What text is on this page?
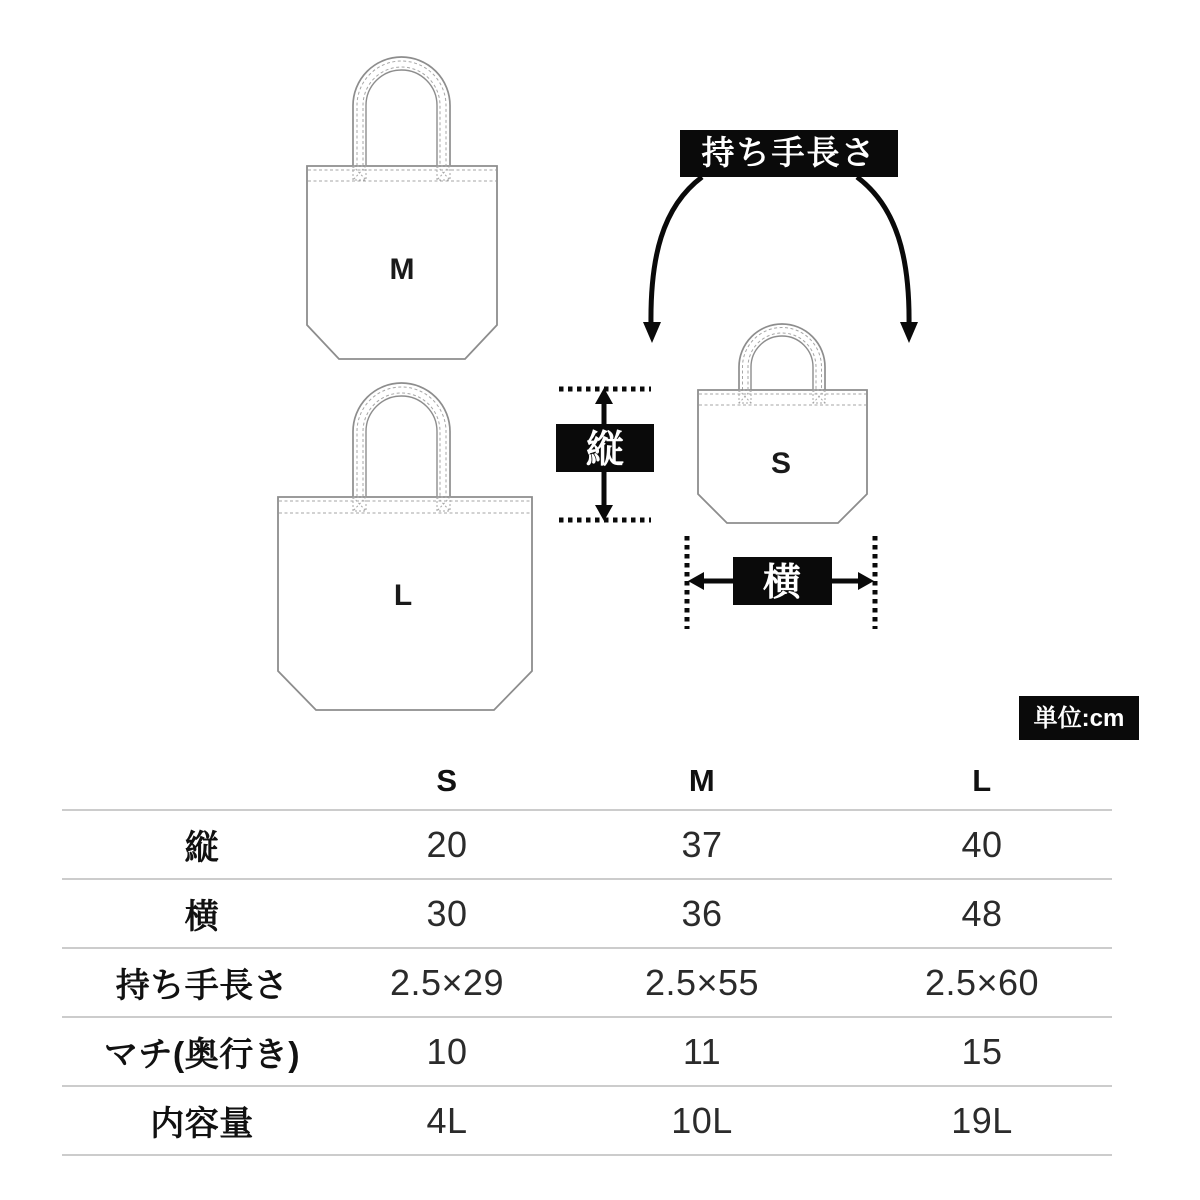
M
L
S
持ち手長さ
縦
横
単位:cm
S	M	L
縦	20	37	40
横	30	36	48
持ち手長さ	2.5×29	2.5×55	2.5×60
マチ(奥行き)	10	11	15
内容量	4L	10L	19L
